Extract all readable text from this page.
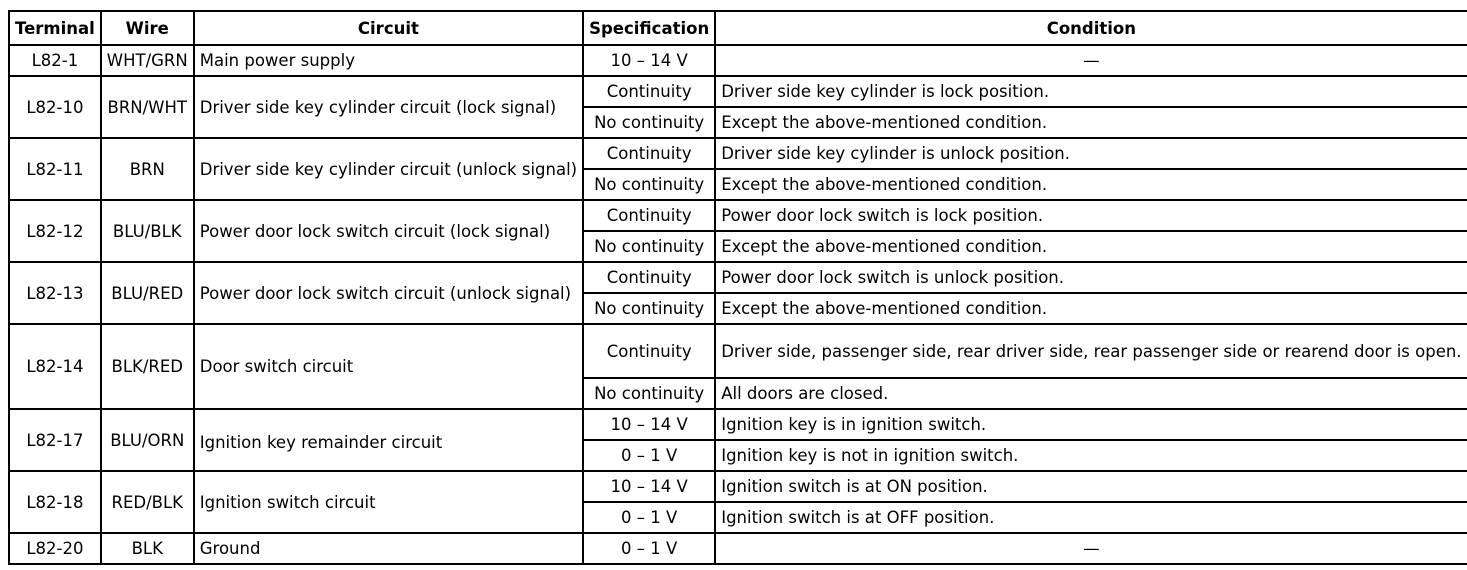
Terminal	Wire	Circuit	Specification	Condition
L82-1	WHT/GRN	Main power supply	10 – 14 V	—
L82-10	BRN/WHT	Driver side key cylinder circuit (lock signal)	Continuity	Driver side key cylinder is lock position.
			No continuity	Except the above-mentioned condition.
L82-11	BRN	Driver side key cylinder circuit (unlock signal)	Continuity	Driver side key cylinder is unlock position.
			No continuity	Except the above-mentioned condition.
L82-12	BLU/BLK	Power door lock switch circuit (lock signal)	Continuity	Power door lock switch is lock position.
			No continuity	Except the above-mentioned condition.
L82-13	BLU/RED	Power door lock switch circuit (unlock signal)	Continuity	Power door lock switch is unlock position.
			No continuity	Except the above-mentioned condition.
L82-14	BLK/RED	Door switch circuit	Continuity	Driver side, passenger side, rear driver side, rear passenger side or rearend door is open.
			No continuity	All doors are closed.
L82-17	BLU/ORN	Ignition key remainder circuit	10 – 14 V	Ignition key is in ignition switch.
			0 – 1 V	Ignition key is not in ignition switch.
L82-18	RED/BLK	Ignition switch circuit	10 – 14 V	Ignition switch is at ON position.
			0 – 1 V	Ignition switch is at OFF position.
L82-20	BLK	Ground	0 – 1 V	—
